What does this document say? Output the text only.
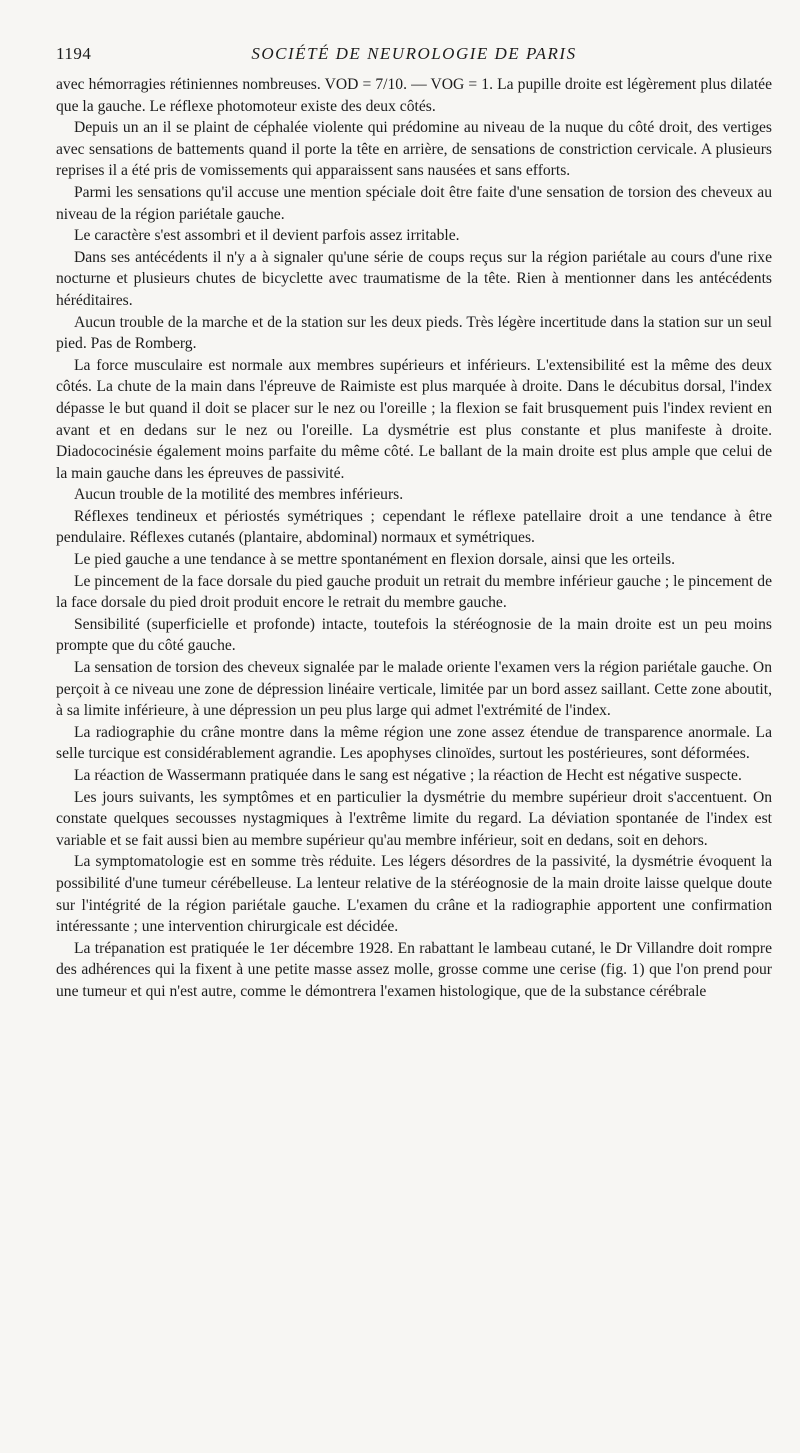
1194	SOCIÉTÉ DE NEUROLOGIE DE PARIS

avec hémorragies rétiniennes nombreuses. VOD = 7/10. — VOG = 1. La pupille droite est légèrement plus dilatée que la gauche. Le réflexe photomoteur existe des deux côtés.

Depuis un an il se plaint de céphalée violente qui prédomine au niveau de la nuque du côté droit, des vertiges avec sensations de battements quand il porte la tête en arrière, de sensations de constriction cervicale. A plusieurs reprises il a été pris de vomissements qui apparaissent sans nausées et sans efforts.

Parmi les sensations qu'il accuse une mention spéciale doit être faite d'une sensation de torsion des cheveux au niveau de la région pariétale gauche.

Le caractère s'est assombri et il devient parfois assez irritable.

Dans ses antécédents il n'y a à signaler qu'une série de coups reçus sur la région pariétale au cours d'une rixe nocturne et plusieurs chutes de bicyclette avec traumatisme de la tête. Rien à mentionner dans les antécédents héréditaires.

Aucun trouble de la marche et de la station sur les deux pieds. Très légère incertitude dans la station sur un seul pied. Pas de Romberg.

La force musculaire est normale aux membres supérieurs et inférieurs. L'extensibilité est la même des deux côtés. La chute de la main dans l'épreuve de Raimiste est plus marquée à droite. Dans le décubitus dorsal, l'index dépasse le but quand il doit se placer sur le nez ou l'oreille ; la flexion se fait brusquement puis l'index revient en avant et en dedans sur le nez ou l'oreille. La dysmétrie est plus constante et plus manifeste à droite. Diadococinésie également moins parfaite du même côté. Le ballant de la main droite est plus ample que celui de la main gauche dans les épreuves de passivité.

Aucun trouble de la motilité des membres inférieurs.

Réflexes tendineux et périostés symétriques ; cependant le réflexe patellaire droit a une tendance à être pendulaire. Réflexes cutanés (plantaire, abdominal) normaux et symétriques.

Le pied gauche a une tendance à se mettre spontanément en flexion dorsale, ainsi que les orteils.

Le pincement de la face dorsale du pied gauche produit un retrait du membre inférieur gauche ; le pincement de la face dorsale du pied droit produit encore le retrait du membre gauche.

Sensibilité (superficielle et profonde) intacte, toutefois la stéréognosie de la main droite est un peu moins prompte que du côté gauche.

La sensation de torsion des cheveux signalée par le malade oriente l'examen vers la région pariétale gauche. On perçoit à ce niveau une zone de dépression linéaire verticale, limitée par un bord assez saillant. Cette zone aboutit, à sa limite inférieure, à une dépression un peu plus large qui admet l'extrémité de l'index.

La radiographie du crâne montre dans la même région une zone assez étendue de transparence anormale. La selle turcique est considérablement agrandie. Les apophyses clinoïdes, surtout les postérieures, sont déformées.

La réaction de Wassermann pratiquée dans le sang est négative ; la réaction de Hecht est négative suspecte.

Les jours suivants, les symptômes et en particulier la dysmétrie du membre supérieur droit s'accentuent. On constate quelques secousses nystagmiques à l'extrême limite du regard. La déviation spontanée de l'index est variable et se fait aussi bien au membre supérieur qu'au membre inférieur, soit en dedans, soit en dehors.

La symptomatologie est en somme très réduite. Les légers désordres de la passivité, la dysmétrie évoquent la possibilité d'une tumeur cérébelleuse. La lenteur relative de la stéréognosie de la main droite laisse quelque doute sur l'intégrité de la région pariétale gauche. L'examen du crâne et la radiographie apportent une confirmation intéressante ; une intervention chirurgicale est décidée.

La trépanation est pratiquée le 1er décembre 1928. En rabattant le lambeau cutané, le Dr Villandre doit rompre des adhérences qui la fixent à une petite masse assez molle, grosse comme une cerise (fig. 1) que l'on prend pour une tumeur et qui n'est autre, comme le démontrera l'examen histologique, que de la substance cérébrale
